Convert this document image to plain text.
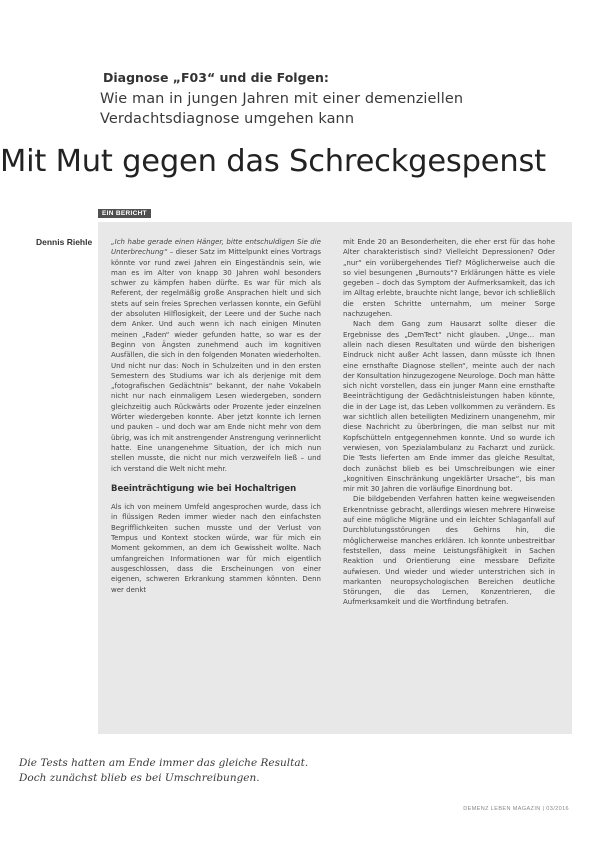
Diagnose „F03“ und die Folgen:
Wie man in jungen Jahren mit einer demenziellen
Verdachtsdiagnose umgehen kann
Mit Mut gegen das Schreckgespenst
EIN BERICHT
Dennis Riehle	„Ich habe gerade einen Hänger, bitte entschuldigen Sie die Unterbrechung“ – dieser Satz im Mittelpunkt eines Vortrags könnte vor rund zwei Jahren ein Eingeständnis sein, wie man es im Alter von knapp 30 Jahren wohl besonders schwer zu kämpfen haben dürfte. Es war für mich als Referent, der regelmäßig große Ansprachen hielt und sich stets auf sein freies Sprechen verlassen konnte, ein Gefühl der absoluten Hilflosigkeit, der Leere und der Suche nach dem Anker. Und auch wenn ich nach einigen Minuten meinen „Faden“ wieder gefunden hatte, so war es der Beginn von Ängsten zunehmend auch im kognitiven Ausfällen, die sich in den folgenden Monaten wiederholten. Und nicht nur das: Noch in Schulzeiten und in den ersten Semestern des Studiums war ich als derjenige mit dem „fotografischen Gedächtnis“ bekannt, der nahe Vokabeln nicht nur nach einmaligem Lesen wiedergeben, sondern gleichzeitig auch Rückwärts oder Prozente jeder einzelnen Wörter wiedergeben konnte. Aber jetzt konnte ich lernen und pauken – und doch war am Ende nicht mehr von dem übrig, was ich mit anstrengender Anstrengung verinnerlicht hatte. Eine unangenehme Situation, der ich mich nun stellen musste, die nicht nur mich verzweifeln ließ – und ich verstand die Welt nicht mehr.

Beeinträchtigung wie bei Hochaltrigen

Als ich von meinem Umfeld angesprochen wurde, dass ich in flüssigen Reden immer wieder nach den einfachsten Begrifflichkeiten suchen musste und der Verlust von Tempus und Kontext stocken würde, war für mich ein Moment gekommen, an dem ich Gewissheit wollte. Nach umfangreichen Informationen war für mich eigentlich ausgeschlossen, dass die Erscheinungen von einer eigenen, schweren Erkrankung stammen könnten. Denn wer denkt

mit Ende 20 an Besonderheiten, die eher erst für das hohe Alter charakteristisch sind? Vielleicht Depressionen? Oder „nur“ ein vorübergehendes Tief? Möglicherweise auch die so viel besungenen „Burnouts“? Erklärungen hätte es viele gegeben – doch das Symptom der Aufmerksamkeit, das ich im Alltag erlebte, brauchte nicht lange, bevor ich schließlich die ersten Schritte unternahm, um meiner Sorge nachzugehen.

Nach dem Gang zum Hausarzt sollte dieser die Ergebnisse des „DemTect“ nicht glauben. „Unge… man allein nach diesen Resultaten und würde den bisherigen Eindruck nicht außer Acht lassen, dann müsste ich Ihnen eine ernsthafte Diagnose stellen“, meinte auch der nach der Konsultation hinzugezogene Neurologe. Doch man hätte sich nicht vorstellen, dass ein junger Mann eine ernsthafte Beeinträchtigung der Gedächtnisleistungen haben könnte, die in der Lage ist, das Leben vollkommen zu verändern. Es war sichtlich allen beteiligten Medizinern unangenehm, mir diese Nachricht zu überbringen, die man selbst nur mit Kopfschütteln entgegennehmen konnte. Und so wurde ich verwiesen, von Spezialambulanz zu Facharzt und zurück. Die Tests lieferten am Ende immer das gleiche Resultat, doch zunächst blieb es bei Umschreibungen wie einer „kognitiven Einschränkung ungeklärter Ursache“, bis man mir mit 30 Jahren die vorläufige Einordnung bot.

Die bildgebenden Verfahren hatten keine wegweisenden Erkenntnisse gebracht, allerdings wiesen mehrere Hinweise auf eine mögliche Migräne und ein leichter Schlaganfall auf Durchblutungsstörungen des Gehirns hin, die möglicherweise manches erklären. Ich konnte unbestreitbar feststellen, dass meine Leistungsfähigkeit in Sachen Reaktion und Orientierung eine messbare Defizite aufwiesen. Und wieder und wieder unterstrichen sich in markanten neuropsychologischen Bereichen deutliche Störungen, die das Lernen, Konzentrieren, die Aufmerksamkeit und die Wortfindung betrafen.

Die Tests hatten am Ende immer das gleiche Resultat.
Doch zunächst blieb es bei Umschreibungen.
DEMENZ LEBEN MAGAZIN | 03/2016
